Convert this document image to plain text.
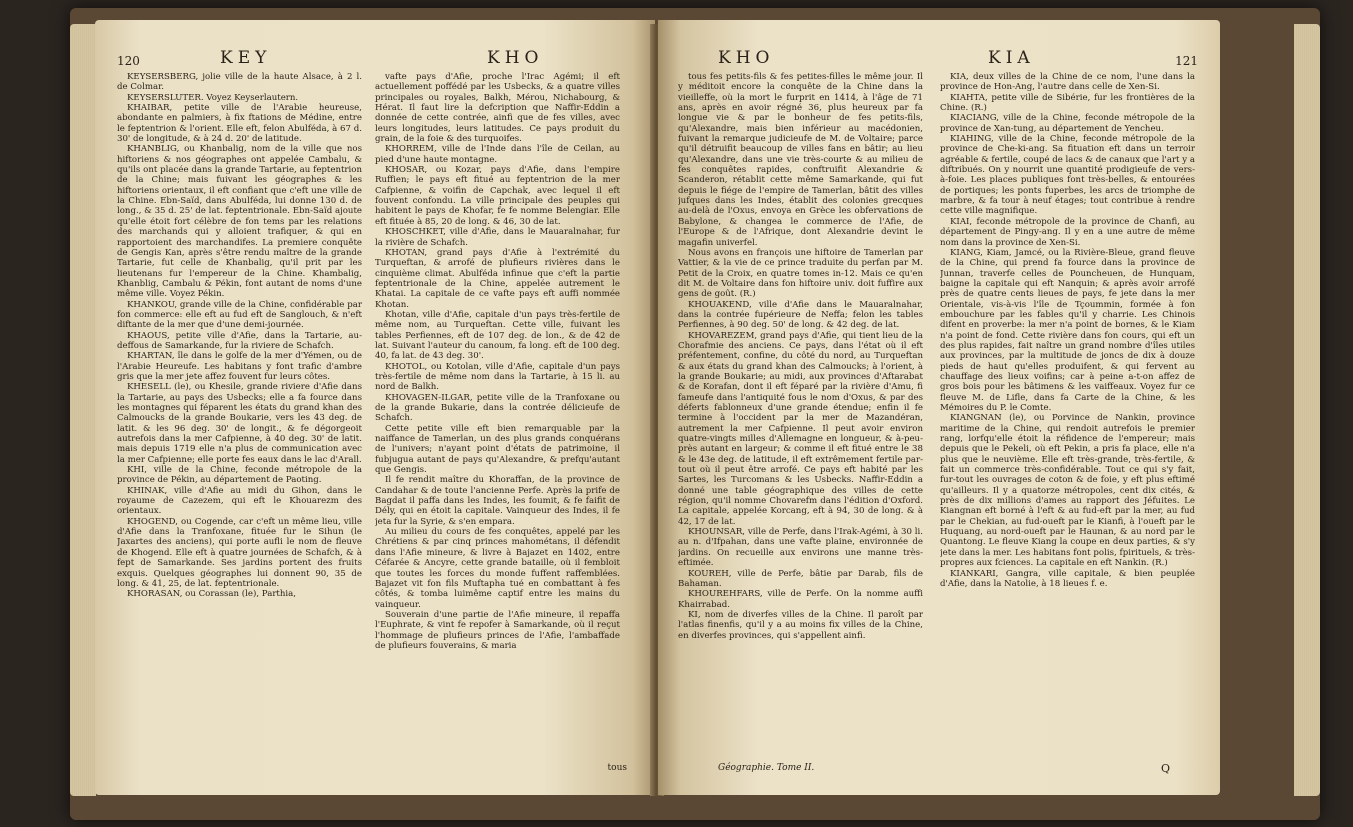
120	KEY	KHO

KEYSERSBERG, jolie ville de la haute Alsace, à 2 l. de Colmar.

KEYSERSLUTER. Voyez Keyserlautern.

KHAIBAR, petite ville de l'Arabie heureuse, abondante en palmiers, à fix ftations de Médine, entre le feptentrion & l'orient. Elle eft, felon Abulféda, à 67 d. 30' de longitude, & à 24 d. 20' de latitude.

KHANBLIG, ou Khanbalig, nom de la ville que nos hiftoriens & nos géographes ont appelée Cambalu, & qu'ils ont placée dans la grande Tartarie, au feptentrion de la Chine; mais fuivant les géographes & les hiftoriens orientaux, il eft confiant que c'eft une ville de la Chine. Ebn-Saïd, dans Abulféda, lui donne 130 d. de long., & 35 d. 25' de lat. feptentrionale. Ebn-Saïd ajoute qu'elle étoit fort célèbre de fon tems par les relations des marchands qui y alloient trafiquer, & qui en rapportoient des marchandifes. La premiere conquête de Gengis Kan, après s'être rendu maître de la grande Tartarie, fut celle de Khanbalig, qu'il prit par les lieutenans fur l'empereur de la Chine. Khambalig, Khanblig, Cambalu & Pékin, font autant de noms d'une même ville. Voyez Pékin.

KHANKOU, grande ville de la Chine, confidérable par fon commerce: elle eft au fud eft de Sanglouch, & n'eft diftante de la mer que d'une demi-journée.

KHAOUS, petite ville d'Afie, dans la Tartarie, au-deffous de Samarkande, fur la riviere de Schafch.

KHARTAN, île dans le golfe de la mer d'Yémen, ou de l'Arabie Heureufe. Les habitans y font trafic d'ambre gris que la mer jete affez fouvent fur leurs côtes.

KHESELL (le), ou Khesile, grande riviere d'Afie dans la Tartarie, au pays des Usbecks; elle a fa fource dans les montagnes qui féparent les états du grand khan des Calmoucks de la grande Boukarie, vers les 43 deg. de latit. & les 96 deg. 30' de longit., & fe dégorgeoit autrefois dans la mer Cafpienne, à 40 deg. 30' de latit. mais depuis 1719 elle n'a plus de communication avec la mer Cafpienne; elle porte fes eaux dans le lac d'Arall.

KHI, ville de la Chine, feconde métropole de la province de Pékin, au département de Paoting.

KHINAK, ville d'Afie au midi du Gihon, dans le royaume de Cazezem, qui eft le Khouarezm des orientaux.

KHOGEND, ou Cogende, car c'eft un même lieu, ville d'Afie dans la Tranfoxane, fituée fur le Sihun (le Jaxartes des anciens), qui porte aufli le nom de fleuve de Khogend. Elle eft à quatre journées de Schafch, & à fept de Samarkande. Ses jardins portent des fruits exquis. Quelques géographes lui donnent 90, 35 de long. & 41, 25, de lat. feptentrionale.

KHORASAN, ou Corassan (le), Parthia,

vafte pays d'Afie, proche l'Irac Agémi; il eft actuellement poffédé par les Usbecks, & a quatre villes principales ou royales, Balkh, Mérou, Nichabourg, & Hérat. Il faut lire la defcription que Naffir-Eddin a donnée de cette contrée, ainfi que de fes villes, avec leurs longitudes, leurs latitudes. Ce pays produit du grain, de la foie & des turquoifes.

KHORREM, ville de l'Inde dans l'île de Ceilan, au pied d'une haute montagne.

KHOSAR, ou Kozar, pays d'Afie, dans l'empire Ruffien; le pays eft fitué au feptentrion de la mer Cafpienne, & voifin de Capchak, avec lequel il eft fouvent confondu. La ville principale des peuples qui habitent le pays de Khofar, fe fe nomme Belengiar. Elle eft fituée à 85, 20 de long. & 46, 30 de lat.

KHOSCHKET, ville d'Afie, dans le Mauaralnahar, fur la rivière de Schafch.

KHOTAN, grand pays d'Afie à l'extrémité du Turqueftan, & arrofé de plufieurs rivières dans le cinquième climat. Abulféda infinue que c'eft la partie feptentrionale de la Chine, appelée autrement le Khatai. La capitale de ce vafte pays eft auffi nommée Khotan.

Khotan, ville d'Afie, capitale d'un pays très-fertile de même nom, au Turqueftan. Cette ville, fuivant les tables Perfiennes, eft de 107 deg. de lon., & de 42 de lat. Suivant l'auteur du canoum, fa long. eft de 100 deg. 40, fa lat. de 43 deg. 30'.

KHOTOL, ou Kotolan, ville d'Afie, capitale d'un pays très-fertile de même nom dans la Tartarie, à 15 li. au nord de Balkh.

KHOVAGEN-ILGAR, petite ville de la Tranfoxane ou de la grande Bukarie, dans la contrée délicieufe de Schafch.

Cette petite ville eft bien remarquable par la naiffance de Tamerlan, un des plus grands conquérans de l'univers; n'ayant point d'états de patrimoine, il fubjugua autant de pays qu'Alexandre, & prefqu'autant que Gengis.

Il fe rendit maître du Khoraffan, de la province de Candahar & de toute l'ancienne Perfe. Après la prife de Bagdat il paffa dans les Indes, les foumit, & fe faifit de Dély, qui en étoit la capitale. Vainqueur des Indes, il fe jeta fur la Syrie, & s'en empara.

Au milieu du cours de fes conquêtes, appelé par les Chrétiens & par cinq princes mahométans, il défendit dans l'Afie mineure, & livre à Bajazet en 1402, entre Céfarée & Ancyre, cette grande bataille, où il fembloit que toutes les forces du monde fuffent raffemblées. Bajazet vit fon fils Muftapha tué en combattant à fes côtés, & tomba luimême captif entre les mains du vainqueur.

Souverain d'une partie de l'Afie mineure, il repaffa l'Euphrate, & vint fe repofer à Samarkande, où il reçut l'hommage de plufieurs princes de l'Afie, l'ambaffade de plufieurs fouverains, & maria

tous
KHO	KIA	121

tous fes petits-fils & fes petites-filles le même jour. Il y méditoit encore la conquête de la Chine dans la vieilleffe, où la mort le furprit en 1414, à l'âge de 71 ans, après en avoir régné 36, plus heureux par fa longue vie & par le bonheur de fes petits-fils, qu'Alexandre, mais bien inférieur au macédonien, fuivant la remarque judicieufe de M. de Voltaire; parce qu'il détruifit beaucoup de villes fans en bâtir; au lieu qu'Alexandre, dans une vie très-courte & au milieu de fes conquêtes rapides, conftruifit Alexandrie & Scanderon, rétablit cette même Samarkande, qui fut depuis le fiége de l'empire de Tamerlan, bâtit des villes jufques dans les Indes, établit des colonies grecques au-delà de l'Oxus, envoya en Grèce les obfervations de Babylone, & changea le commerce de l'Afie, de l'Europe & de l'Afrique, dont Alexandrie devint le magafin univerfel.

Nous avons en françois une hiftoire de Tamerlan par Vattier, & la vie de ce prince traduite du perfan par M. Petit de la Croix, en quatre tomes in-12. Mais ce qu'en dit M. de Voltaire dans fon hiftoire univ. doit fuffire aux gens de goût. (R.)

KHOUAKEND, ville d'Afie dans le Mauaralnahar, dans la contrée fupérieure de Neffa; felon les tables Perfiennes, à 90 deg. 50' de long. & 42 deg. de lat.

KHOVAREZEM, grand pays d'Afie, qui tient lieu de la Chorafmie des anciens. Ce pays, dans l'état où il eft préfentement, confine, du côté du nord, au Turqueftan & aux états du grand khan des Calmoucks; à l'orient, à la grande Boukarie; au midi, aux provinces d'Aftarabat & de Korafan, dont il eft féparé par la rivière d'Amu, fi fameufe dans l'antiquité fous le nom d'Oxus, & par des déferts fablonneux d'une grande étendue; enfin il fe termine à l'occident par la mer de Mazandéran, autrement la mer Cafpienne. Il peut avoir environ quatre-vingts milles d'Allemagne en longueur, & à-peu-près autant en largeur; & comme il eft fitué entre le 38 & le 43e deg. de latitude, il eft extrêmement fertile par-tout où il peut être arrofé. Ce pays eft habité par les Sartes, les Turcomans & les Usbecks. Naffir-Eddin a donné une table géographique des villes de cette région, qu'il nomme Chovarefm dans l'édition d'Oxford. La capitale, appelée Korcang, eft à 94, 30 de long. & à 42, 17 de lat.

KHOUNSAR, ville de Perfe, dans l'Irak-Agémi, à 30 li. au n. d'Ifpahan, dans une vafte plaine, environnée de jardins. On recueille aux environs une manne très-eftimée.

KOUREH, ville de Perfe, bâtie par Darab, fils de Bahaman.

KHOUREHFARS, ville de Perfe. On la nomme auffi Khairrabad.

KI, nom de diverfes villes de la Chine. Il paroît par l'atlas finenfis, qu'il y a au moins fix villes de la Chine, en diverfes provinces, qui s'appellent ainfi.

KIA, deux villes de la Chine de ce nom, l'une dans la province de Hon-Ang, l'autre dans celle de Xen-Si.

KIAHTA, petite ville de Sibérie, fur les frontières de la Chine. (R.)

KIACIANG, ville de la Chine, feconde métropole de la province de Xan-tung, au département de Yencheu.

KIAHING, ville de la Chine, feconde métropole de la province de Che-ki-ang. Sa fituation eft dans un terroir agréable & fertile, coupé de lacs & de canaux que l'art y a diftribués. On y nourrit une quantité prodigieufe de vers-à-foie. Les places publiques font très-belles, & entourées de portiques; les ponts fuperbes, les arcs de triomphe de marbre, & fa tour à neuf étages; tout contribue à rendre cette ville magnifique.

KIAI, feconde métropole de la province de Chanfi, au département de Pingy-ang. Il y en a une autre de même nom dans la province de Xen-Si.

KIANG, Kiam, Jamcé, ou la Rivière-Bleue, grand fleuve de la Chine, qui prend fa fource dans la province de Junnan, traverfe celles de Pouncheuen, de Hunquam, baigne la capitale qui eft Nanquin; & après avoir arrofé près de quatre cents lieues de pays, fe jete dans la mer Orientale, vis-à-vis l'île de Tçoummin, formée à fon embouchure par les fables qu'il y charrie. Les Chinois difent en proverbe: la mer n'a point de bornes, & le Kiam n'a point de fond. Cette rivière dans fon cours, qui eft un des plus rapides, fait naître un grand nombre d'îles utiles aux provinces, par la multitude de joncs de dix à douze pieds de haut qu'elles produifent, & qui fervent au chauffage des lieux voifins; car à peine a-t-on affez de gros bois pour les bâtimens & les vaiffeaux. Voyez fur ce fleuve M. de Lifle, dans fa Carte de la Chine, & les Mémoires du P. le Comte.

KIANGNAN (le), ou Porvince de Nankin, province maritime de la Chine, qui rendoit autrefois le premier rang, lorfqu'elle étoit la réfidence de l'empereur; mais depuis que le Pekeli, où eft Pekin, a pris fa place, elle n'a plus que le neuvième. Elle eft très-grande, très-fertile, & fait un commerce très-confidérable. Tout ce qui s'y fait, fur-tout les ouvrages de coton & de foie, y eft plus eftimé qu'ailleurs. Il y a quatorze métropoles, cent dix cités, & près de dix millions d'ames au rapport des Jéfuites. Le Kiangnan eft borné à l'eft & au fud-eft par la mer, au fud par le Chekian, au fud-oueft par le Kianfi, à l'oueft par le Huquang, au nord-oueft par le Haunan, & au nord par le Quantong. Le fleuve Kiang la coupe en deux parties, & s'y jete dans la mer. Les habitans font polis, fpirituels, & très-propres aux fciences. La capitale en eft Nankin. (R.)

KIANKARI, Gangra, ville capitale, & bien peuplée d'Afie, dans la Natolie, à 18 lieues f. e.

Géographie. Tome II.	Q
